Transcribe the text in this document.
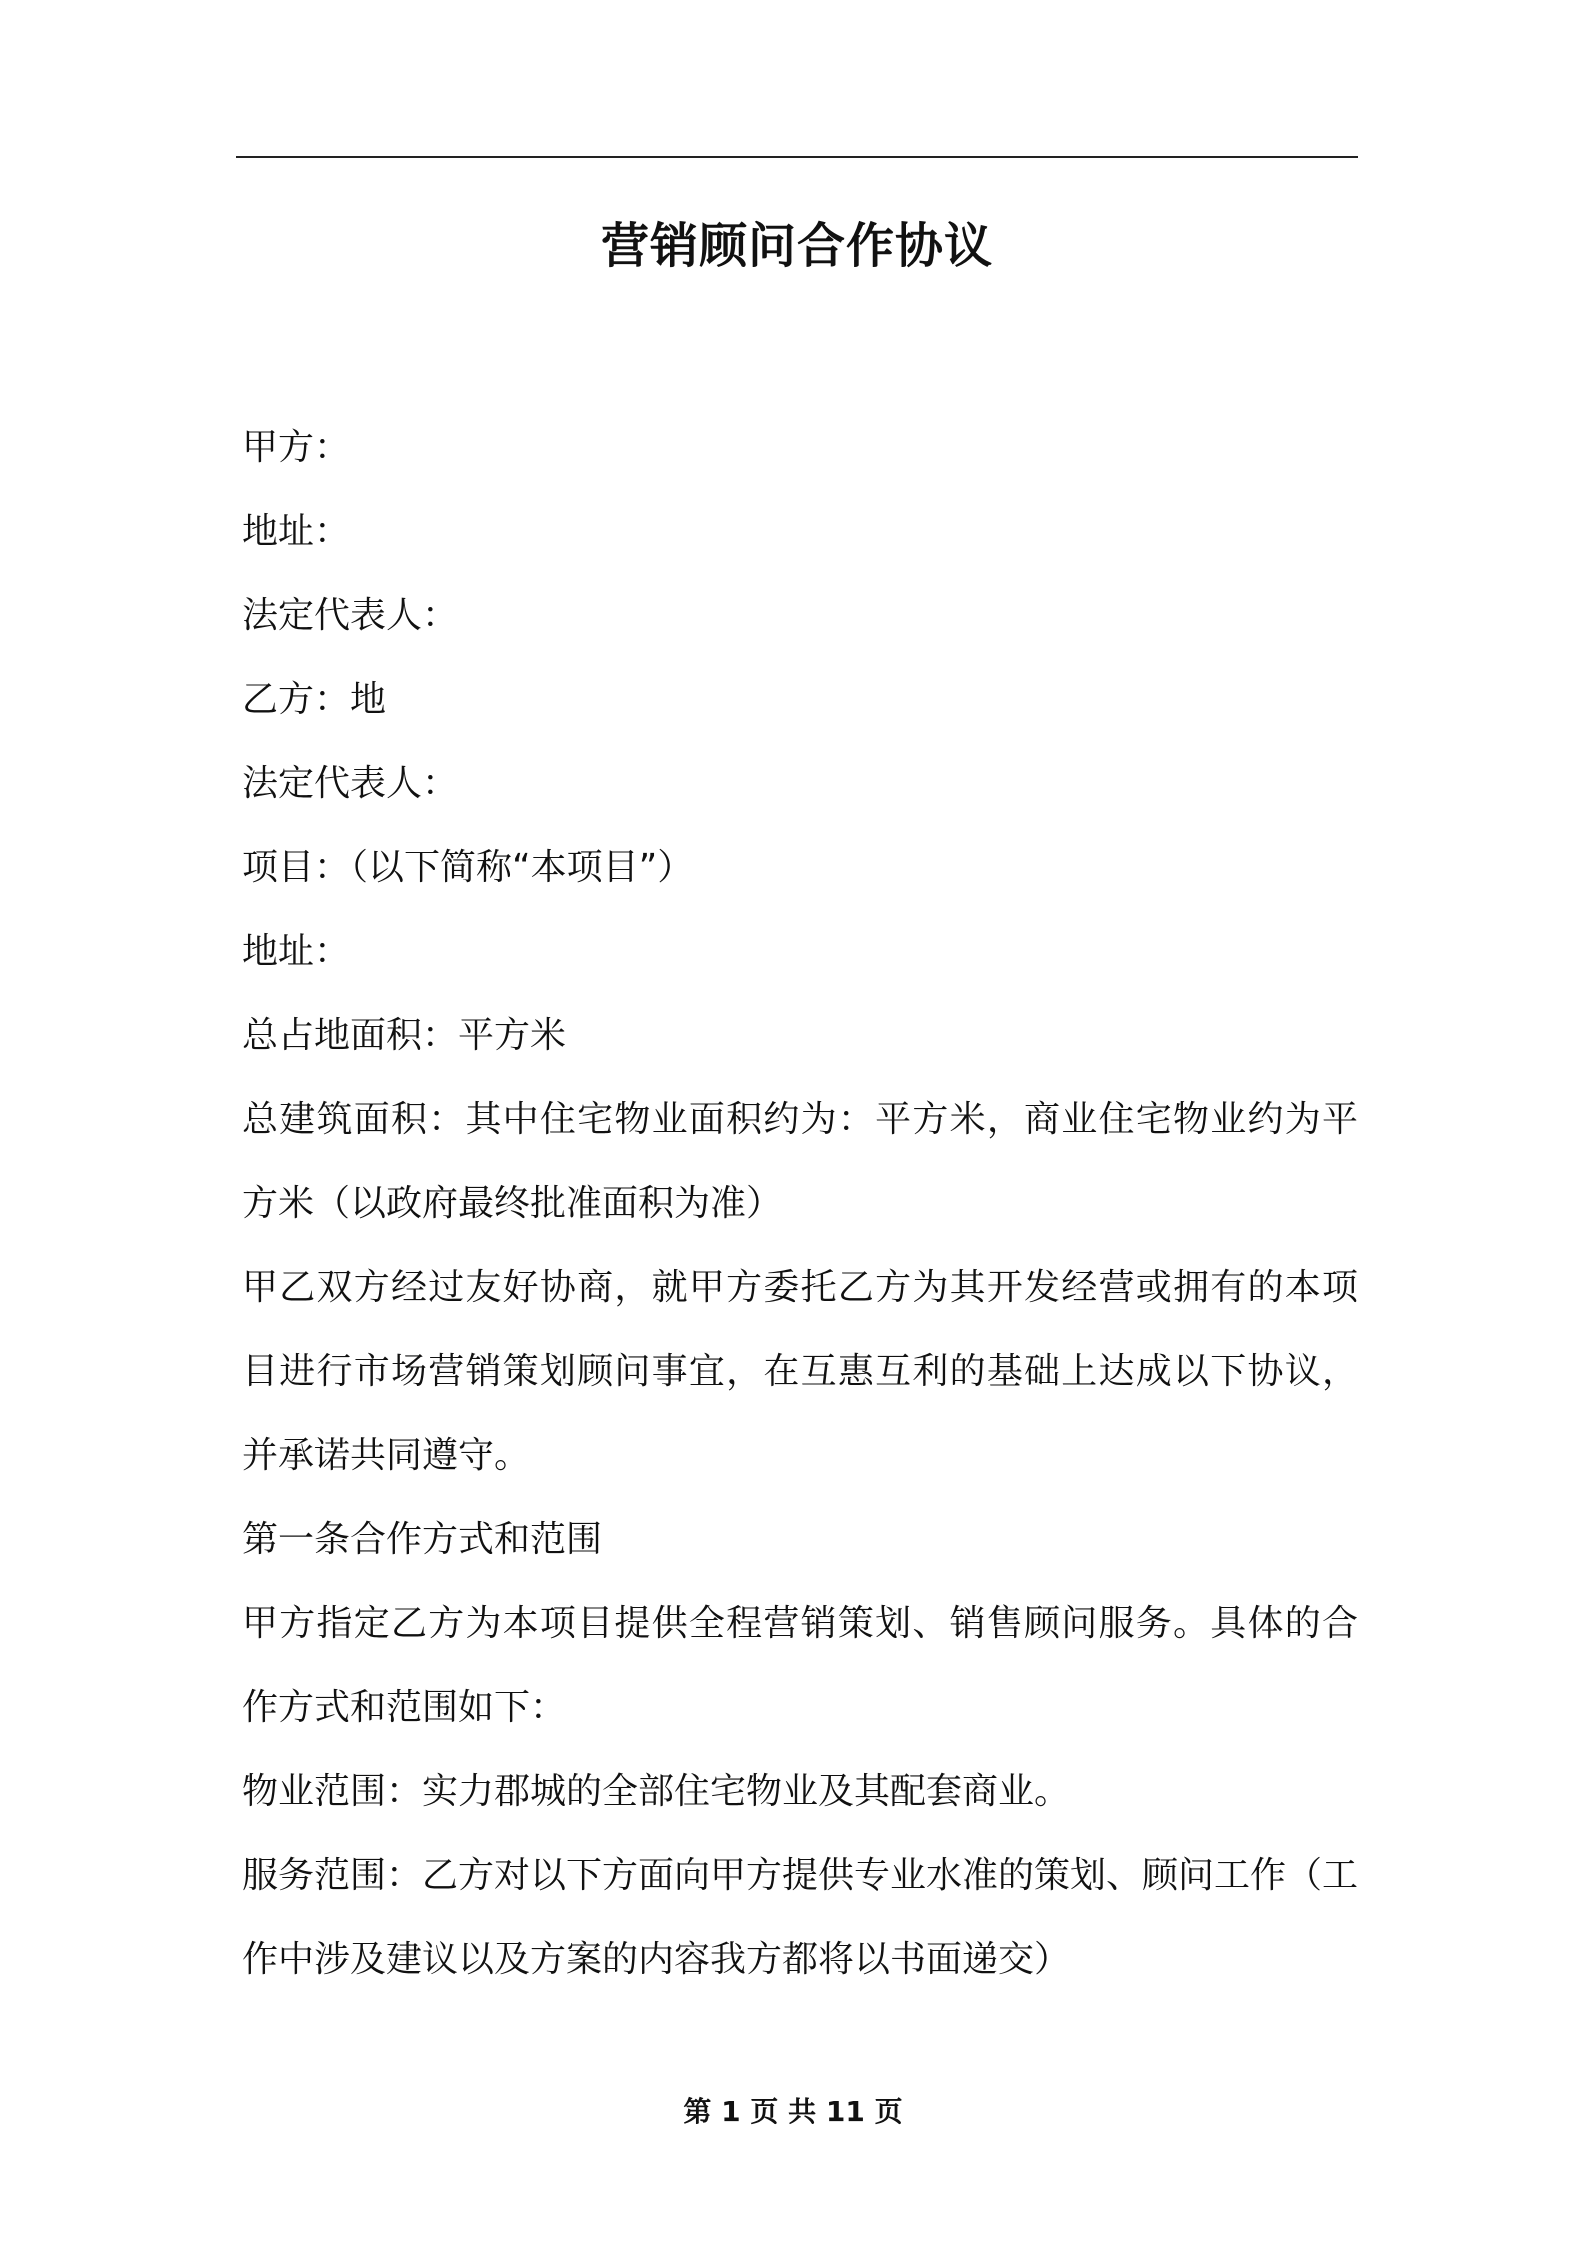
营销顾问合作协议
甲方：
地址：
法定代表人：
乙方：地
法定代表人：
项目：（以下简称“本项目”）
地址：
总占地面积：平方米
总建筑面积：其中住宅物业面积约为：平方米，商业住宅物业约为平
方米（以政府最终批准面积为准）
甲乙双方经过友好协商，就甲方委托乙方为其开发经营或拥有的本项
目进行市场营销策划顾问事宜，在互惠互利的基础上达成以下协议，
并承诺共同遵守。
第一条合作方式和范围
甲方指定乙方为本项目提供全程营销策划、销售顾问服务。具体的合
作方式和范围如下：
物业范围：实力郡城的全部住宅物业及其配套商业。
服务范围：乙方对以下方面向甲方提供专业水准的策划、顾问工作（工
作中涉及建议以及方案的内容我方都将以书面递交）
第 1 页 共 11 页
